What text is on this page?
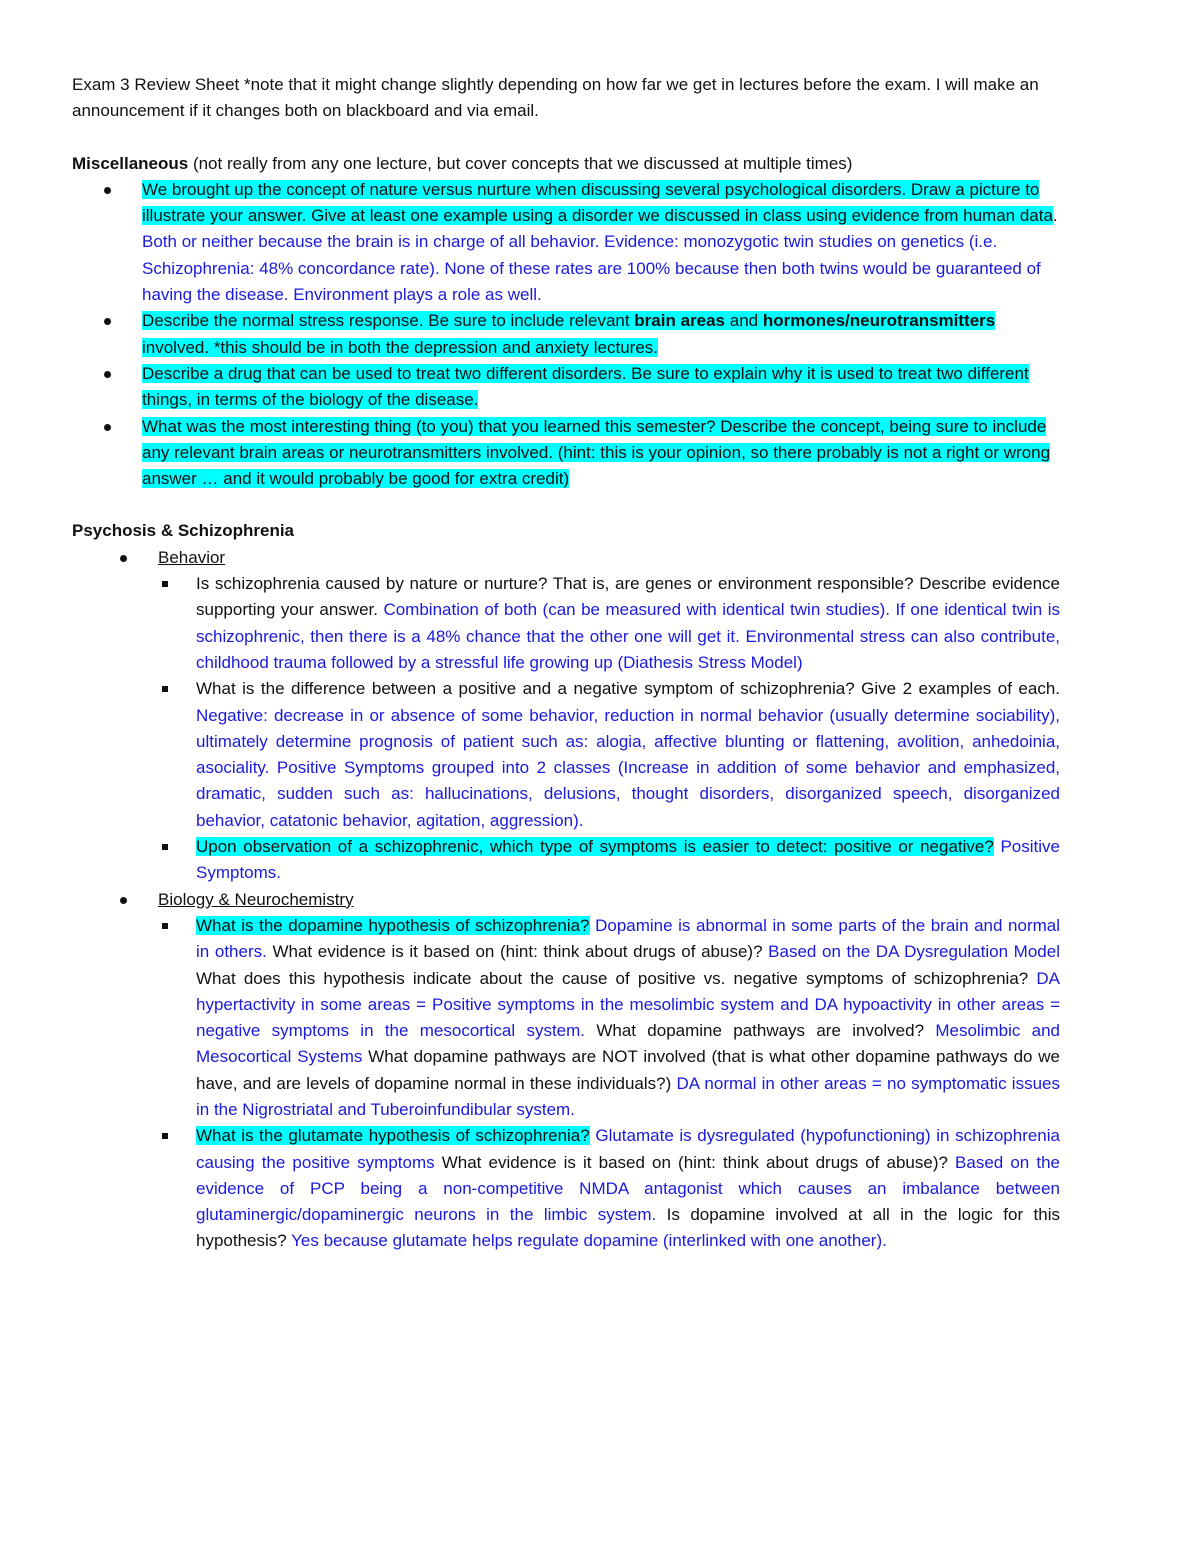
Exam 3 Review Sheet *note that it might change slightly depending on how far we get in lectures before the exam. I will make an announcement if it changes both on blackboard and via email.

Miscellaneous (not really from any one lecture, but cover concepts that we discussed at multiple times)

We brought up the concept of nature versus nurture when discussing several psychological disorders. Draw a picture to illustrate your answer. Give at least one example using a disorder we discussed in class using evidence from human data. Both or neither because the brain is in charge of all behavior. Evidence: monozygotic twin studies on genetics (i.e. Schizophrenia: 48% concordance rate). None of these rates are 100% because then both twins would be guaranteed of having the disease. Environment plays a role as well.
Describe the normal stress response. Be sure to include relevant brain areas and hormones/neurotransmitters involved. *this should be in both the depression and anxiety lectures.
Describe a drug that can be used to treat two different disorders. Be sure to explain why it is used to treat two different things, in terms of the biology of the disease.
What was the most interesting thing (to you) that you learned this semester? Describe the concept, being sure to include any relevant brain areas or neurotransmitters involved. (hint: this is your opinion, so there probably is not a right or wrong answer … and it would probably be good for extra credit)

Psychosis & Schizophrenia

Behavior
Is schizophrenia caused by nature or nurture? That is, are genes or environment responsible? Describe evidence supporting your answer. Combination of both (can be measured with identical twin studies). If one identical twin is schizophrenic, then there is a 48% chance that the other one will get it. Environmental stress can also contribute, childhood trauma followed by a stressful life growing up (Diathesis Stress Model)
What is the difference between a positive and a negative symptom of schizophrenia? Give 2 examples of each. Negative: decrease in or absence of some behavior, reduction in normal behavior (usually determine sociability), ultimately determine prognosis of patient such as: alogia, affective blunting or flattening, avolition, anhedoinia, asociality. Positive Symptoms grouped into 2 classes (Increase in addition of some behavior and emphasized, dramatic, sudden such as: hallucinations, delusions, thought disorders, disorganized speech, disorganized behavior, catatonic behavior, agitation, aggression).
Upon observation of a schizophrenic, which type of symptoms is easier to detect: positive or negative? Positive Symptoms.
Biology & Neurochemistry
What is the dopamine hypothesis of schizophrenia? Dopamine is abnormal in some parts of the brain and normal in others. What evidence is it based on (hint: think about drugs of abuse)? Based on the DA Dysregulation Model What does this hypothesis indicate about the cause of positive vs. negative symptoms of schizophrenia? DA hypertactivity in some areas = Positive symptoms in the mesolimbic system and DA hypoactivity in other areas = negative symptoms in the mesocortical system. What dopamine pathways are involved? Mesolimbic and Mesocortical Systems What dopamine pathways are NOT involved (that is what other dopamine pathways do we have, and are levels of dopamine normal in these individuals?) DA normal in other areas = no symptomatic issues in the Nigrostriatal and Tuberoinfundibular system.
What is the glutamate hypothesis of schizophrenia? Glutamate is dysregulated (hypofunctioning) in schizophrenia causing the positive symptoms What evidence is it based on (hint: think about drugs of abuse)? Based on the evidence of PCP being a non-competitive NMDA antagonist which causes an imbalance between glutaminergic/dopaminergic neurons in the limbic system. Is dopamine involved at all in the logic for this hypothesis? Yes because glutamate helps regulate dopamine (interlinked with one another).
